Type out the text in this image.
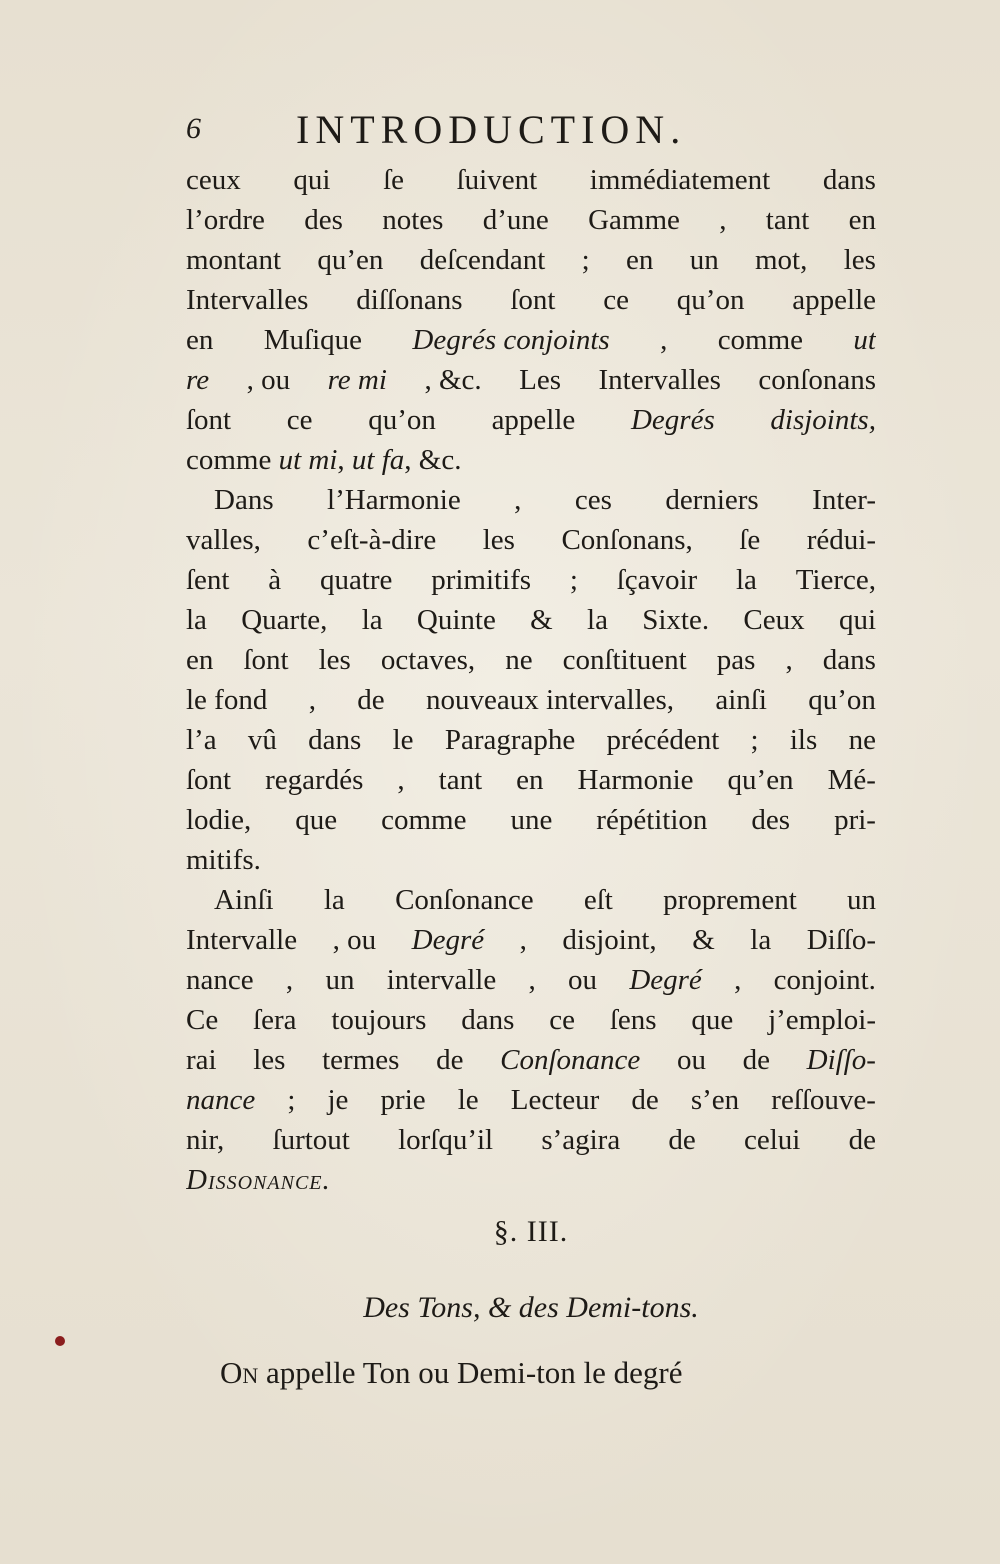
6 INTRODUCTION.
ceux qui ſe ſuivent immédiatement dans
l’ordre des notes d’une Gamme , tant en
montant qu’en deſcendant ; en un mot, les
Intervalles diſſonans ſont ce qu’on appelle
en Muſique Degrés conjoints , comme ut
re , ou re mi , &c. Les Intervalles conſonans
ſont ce qu’on appelle Degrés disjoints,
comme ut mi, ut fa, &c.
Dans l’Harmonie , ces derniers Inter-
valles, c’eſt-à-dire les Conſonans, ſe rédui-
ſent à quatre primitifs ; ſçavoir la Tierce,
la Quarte, la Quinte & la Sixte. Ceux qui
en ſont les octaves, ne conſtituent pas , dans
le fond , de nouveaux intervalles, ainſi qu’on
l’a vû dans le Paragraphe précédent ; ils ne
ſont regardés , tant en Harmonie qu’en Mé-
lodie, que comme une répétition des pri-
mitifs.
Ainſi la Conſonance eſt proprement un
Intervalle , ou Degré , disjoint, & la Diſſo-
nance , un intervalle , ou Degré , conjoint.
Ce ſera toujours dans ce ſens que j’emploi-
rai les termes de Conſonance ou de Diſſo-
nance ; je prie le Lecteur de s’en reſſouve-
nir, ſurtout lorſqu’il s’agira de celui de
Dissonance.
§. III.
Des Tons, & des Demi-tons.
On appelle Ton ou Demi-ton le degré
